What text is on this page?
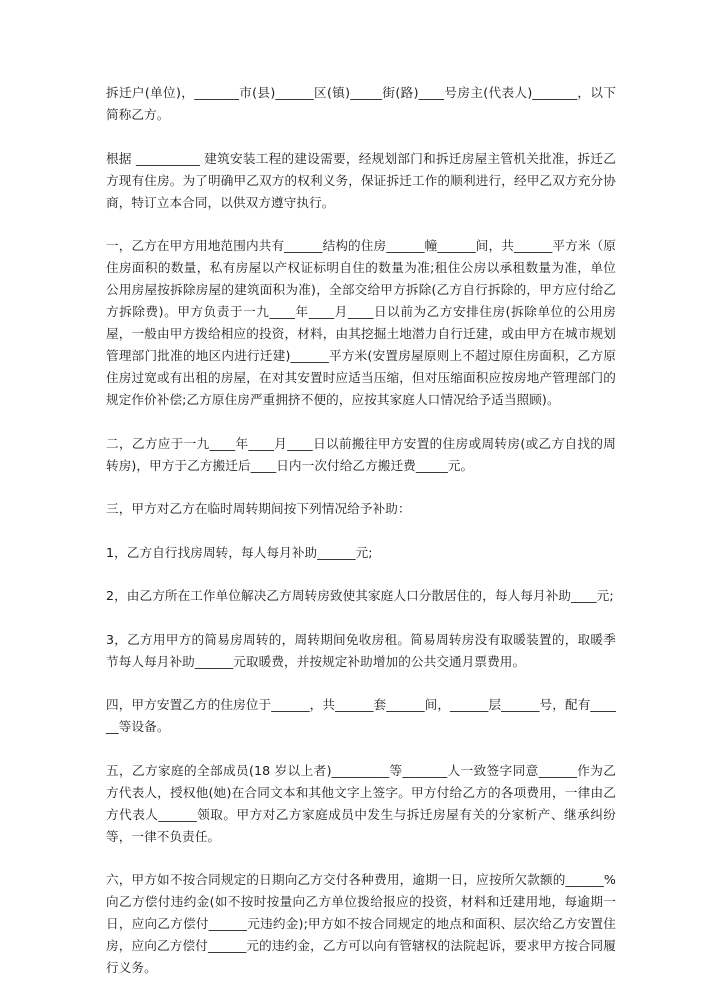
拆迁户(单位)，_______市(县)______区(镇)_____街(路)____号房主(代表人)_______，以下简称乙方。

根据 __________ 建筑安装工程的建设需要，经规划部门和拆迁房屋主管机关批准，拆迁乙方现有住房。为了明确甲乙双方的权利义务，保证拆迁工作的顺利进行，经甲乙双方充分协商，特订立本合同，以供双方遵守执行。

一，乙方在甲方用地范围内共有______结构的住房______幢______间，共______平方米（原住房面积的数量，私有房屋以产权证标明自住的数量为准;租住公房以承租数量为准，单位公用房屋按拆除房屋的建筑面积为准)，全部交给甲方拆除(乙方自行拆除的，甲方应付给乙方拆除费)。甲方负责于一九____年____月____日以前为乙方安排住房(拆除单位的公用房屋，一般由甲方拨给相应的投资，材料，由其挖掘土地潜力自行迁建，或由甲方在城市规划管理部门批准的地区内进行迁建)______平方米(安置房屋原则上不超过原住房面积，乙方原住房过宽或有出租的房屋，在对其安置时应适当压缩，但对压缩面积应按房地产管理部门的规定作价补偿;乙方原住房严重拥挤不便的，应按其家庭人口情况给予适当照顾)。

二，乙方应于一九____年____月____日以前搬往甲方安置的住房或周转房(或乙方自找的周转房)，甲方于乙方搬迁后____日内一次付给乙方搬迁费_____元。

三，甲方对乙方在临时周转期间按下列情况给予补助：

1，乙方自行找房周转，每人每月补助______元;

2，由乙方所在工作单位解决乙方周转房致使其家庭人口分散居住的，每人每月补助____元;

3，乙方用甲方的简易房周转的，周转期间免收房租。简易周转房没有取暖装置的，取暖季节每人每月补助______元取暖费，并按规定补助增加的公共交通月票费用。

四，甲方安置乙方的住房位于______，共______套______间，______层______号，配有______等设备。

五，乙方家庭的全部成员(18 岁以上者)_________等_______人一致签字同意______作为乙方代表人，授权他(她)在合同文本和其他文字上签字。甲方付给乙方的各项费用，一律由乙方代表人______领取。甲方对乙方家庭成员中发生与拆迁房屋有关的分家析产、继承纠纷等，一律不负责任。

六，甲方如不按合同规定的日期向乙方交付各种费用，逾期一日，应按所欠款额的______%向乙方偿付违约金(如不按时按量向乙方单位拨给报应的投资，材料和迁建用地，每逾期一日，应向乙方偿付______元违约金);甲方如不按合同规定的地点和面积、层次给乙方安置住房，应向乙方偿付______元的违约金，乙方可以向有管辖权的法院起诉，要求甲方按合同履行义务。
